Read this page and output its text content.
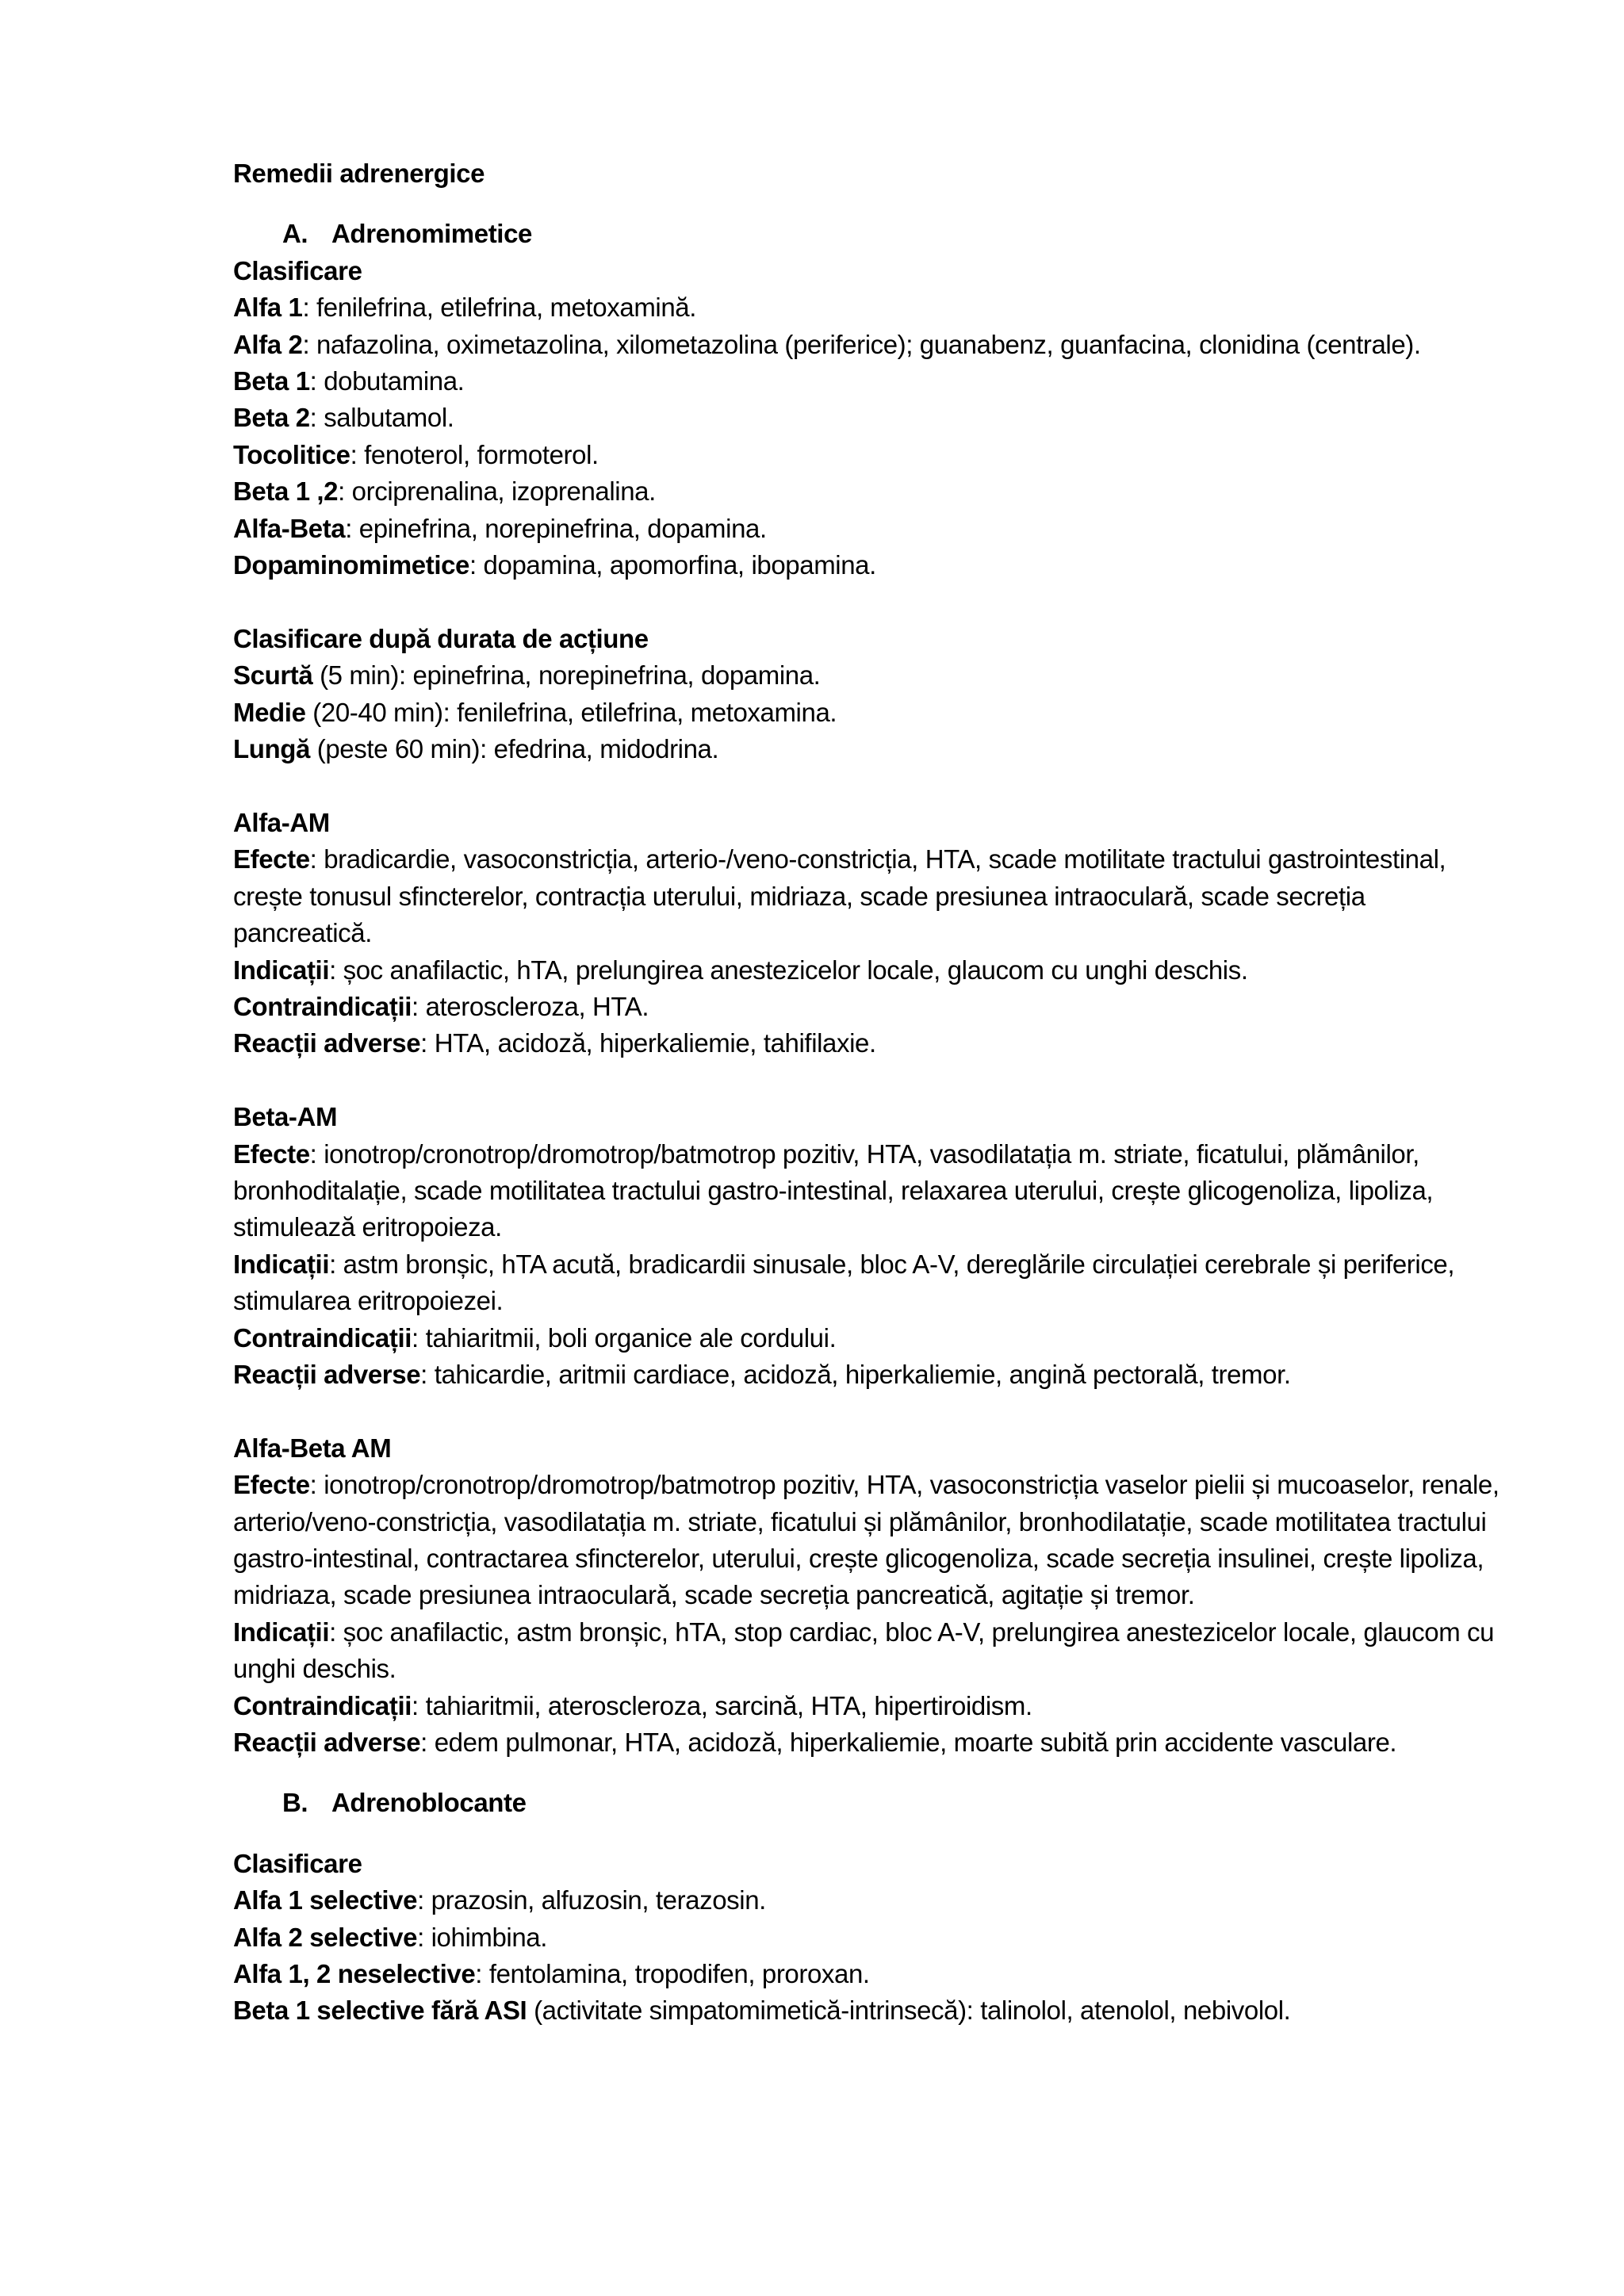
Remedii adrenergice

A. Adrenomimetice

Clasificare

Alfa 1: fenilefrina, etilefrina, metoxamină.

Alfa 2: nafazolina, oximetazolina, xilometazolina (periferice); guanabenz, guanfacina, clonidina (centrale).

Beta 1: dobutamina.

Beta 2: salbutamol.

Tocolitice: fenoterol, formoterol.

Beta 1 ,2: orciprenalina, izoprenalina.

Alfa-Beta: epinefrina, norepinefrina, dopamina.

Dopaminomimetice: dopamina, apomorfina, ibopamina.

Clasificare după durata de acțiune

Scurtă (5 min): epinefrina, norepinefrina, dopamina.

Medie (20-40 min): fenilefrina, etilefrina, metoxamina.

Lungă (peste 60 min): efedrina, midodrina.

Alfa-AM

Efecte: bradicardie, vasoconstricția, arterio-/veno-constricția, HTA, scade motilitate tractului gastrointestinal, crește tonusul sfincterelor, contracția uterului, midriaza, scade presiunea intraoculară, scade secreția pancreatică.

Indicații: șoc anafilactic, hTA, prelungirea anestezicelor locale, glaucom cu unghi deschis.

Contraindicații: ateroscleroza, HTA.

Reacții adverse: HTA, acidoză, hiperkaliemie, tahifilaxie.

Beta-AM

Efecte: ionotrop/cronotrop/dromotrop/batmotrop pozitiv, HTA, vasodilatația m. striate, ficatului, plămânilor, bronhoditalație, scade motilitatea tractului gastro-intestinal, relaxarea uterului, crește glicogenoliza, lipoliza, stimulează eritropoieza.

Indicații: astm bronșic, hTA acută, bradicardii sinusale, bloc A-V, dereglările circulației cerebrale și periferice, stimularea eritropoiezei.

Contraindicații: tahiaritmii, boli organice ale cordului.

Reacții adverse: tahicardie, aritmii cardiace, acidoză, hiperkaliemie, angină pectorală, tremor.

Alfa-Beta AM

Efecte: ionotrop/cronotrop/dromotrop/batmotrop pozitiv, HTA, vasoconstricția vaselor pielii și mucoaselor, renale, arterio/veno-constricția, vasodilatația m. striate, ficatului și plămânilor, bronhodilatație, scade motilitatea tractului gastro-intestinal, contractarea sfincterelor, uterului, crește glicogenoliza, scade secreția insulinei, crește lipoliza, midriaza, scade presiunea intraoculară, scade secreția pancreatică, agitație și tremor.

Indicații: șoc anafilactic, astm bronșic, hTA, stop cardiac, bloc A-V, prelungirea anestezicelor locale, glaucom cu unghi deschis.

Contraindicații: tahiaritmii, ateroscleroza, sarcină, HTA, hipertiroidism.

Reacții adverse: edem pulmonar, HTA, acidoză, hiperkaliemie, moarte subită prin accidente vasculare.

B. Adrenoblocante

Clasificare

Alfa 1 selective: prazosin, alfuzosin, terazosin.

Alfa 2 selective: iohimbina.

Alfa 1, 2 neselective: fentolamina, tropodifen, proroxan.

Beta 1 selective fără ASI (activitate simpatomimetică-intrinsecă): talinolol, atenolol, nebivolol.
